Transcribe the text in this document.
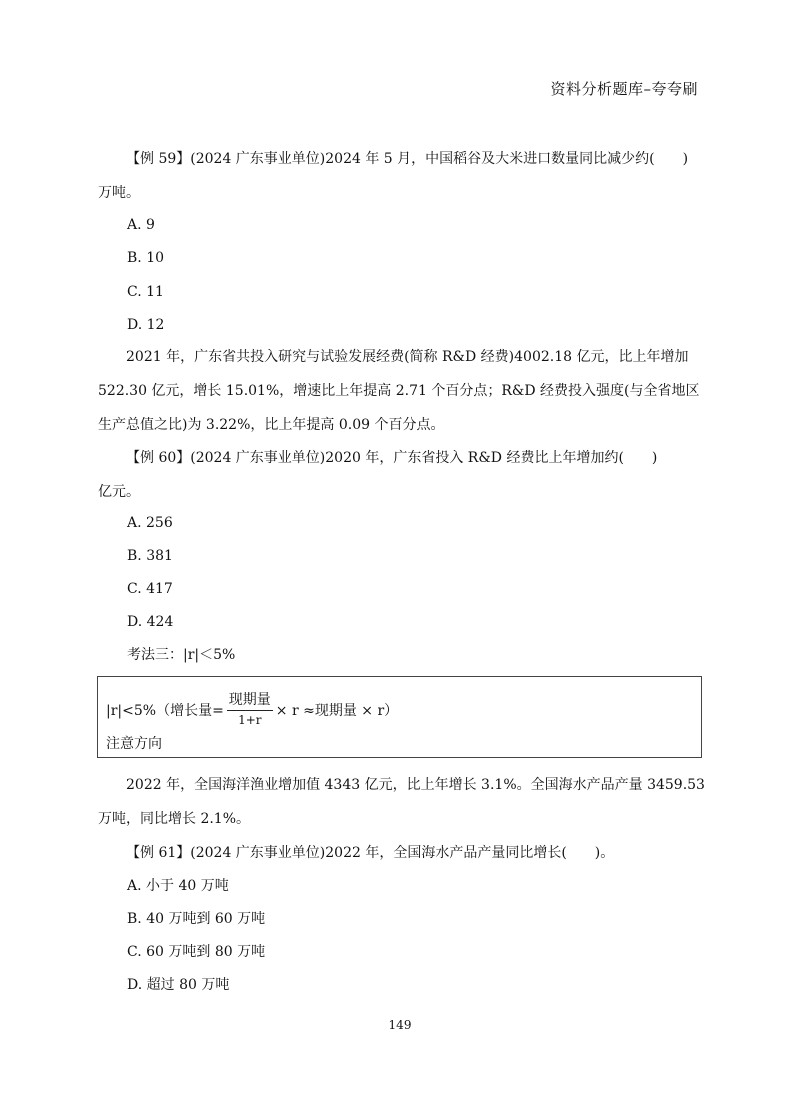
资料分析题库–夸夸刷
【例 59】(2024 广东事业单位)2024 年 5 月，中国稻谷及大米进口数量同比减少约(　　)
万吨。
A. 9
B. 10
C. 11
D. 12
2021 年，广东省共投入研究与试验发展经费(简称 R&D 经费)4002.18 亿元，比上年增加
522.30 亿元，增长 15.01%，增速比上年提高 2.71 个百分点；R&D 经费投入强度(与全省地区
生产总值之比)为 3.22%，比上年提高 0.09 个百分点。
【例 60】(2024 广东事业单位)2020 年，广东省投入 R&D 经费比上年增加约(　　)
亿元。
A. 256
B. 381
C. 417
D. 424
考法三：|r|＜5%
|r|<5%（增长量= $\frac{\text{现期量}}{1+r} \times r$ ≈现期量 × r）
注意方向
2022 年，全国海洋渔业增加值 4343 亿元，比上年增长 3.1%。全国海水产品产量 3459.53
万吨，同比增长 2.1%。
【例 61】(2024 广东事业单位)2022 年，全国海水产品产量同比增长(　　)。
A. 小于 40 万吨
B. 40 万吨到 60 万吨
C. 60 万吨到 80 万吨
D. 超过 80 万吨
149
